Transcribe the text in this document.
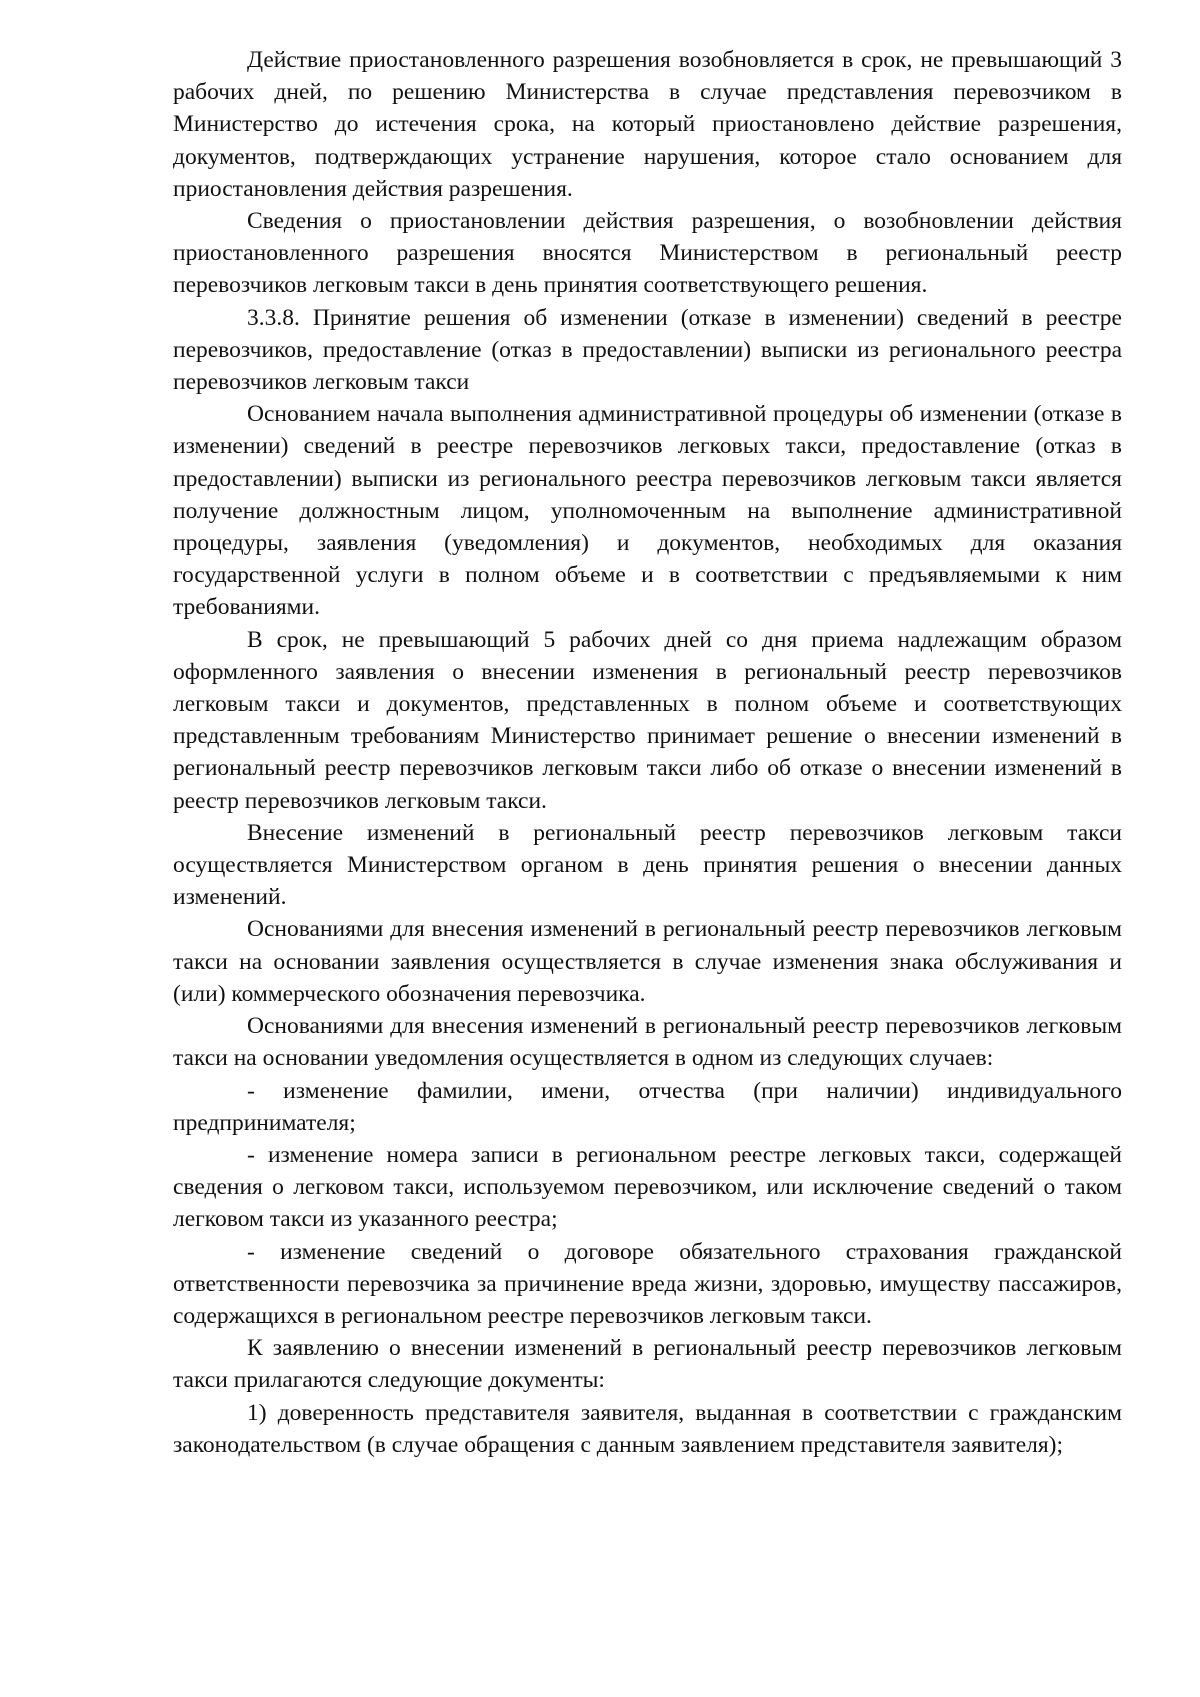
Действие приостановленного разрешения возобновляется в срок, не превышающий 3 рабочих дней, по решению Министерства в случае представления перевозчиком в Министерство до истечения срока, на который приостановлено действие разрешения, документов, подтверждающих устранение нарушения, которое стало основанием для приостановления действия разрешения.

Сведения о приостановлении действия разрешения, о возобновлении действия приостановленного разрешения вносятся Министерством в региональный реестр перевозчиков легковым такси в день принятия соответствующего решения.

3.3.8. Принятие решения об изменении (отказе в изменении) сведений в реестре перевозчиков, предоставление (отказ в предоставлении) выписки из регионального реестра перевозчиков легковым такси

Основанием начала выполнения административной процедуры об изменении (отказе в изменении) сведений в реестре перевозчиков легковых такси, предоставление (отказ в предоставлении) выписки из регионального реестра перевозчиков легковым такси является получение должностным лицом, уполномоченным на выполнение административной процедуры, заявления (уведомления) и документов, необходимых для оказания государственной услуги в полном объеме и в соответствии с предъявляемыми к ним требованиями.

В срок, не превышающий 5 рабочих дней со дня приема надлежащим образом оформленного заявления о внесении изменения в региональный реестр перевозчиков легковым такси и документов, представленных в полном объеме и соответствующих представленным требованиям Министерство принимает решение о внесении изменений в региональный реестр перевозчиков легковым такси либо об отказе о внесении изменений в реестр перевозчиков легковым такси.

Внесение изменений в региональный реестр перевозчиков легковым такси осуществляется Министерством органом в день принятия решения о внесении данных изменений.

Основаниями для внесения изменений в региональный реестр перевозчиков легковым такси на основании заявления осуществляется в случае изменения знака обслуживания и (или) коммерческого обозначения перевозчика.

Основаниями для внесения изменений в региональный реестр перевозчиков легковым такси на основании уведомления осуществляется в одном из следующих случаев:

- изменение фамилии, имени, отчества (при наличии) индивидуального предпринимателя;

- изменение номера записи в региональном реестре легковых такси, содержащей сведения о легковом такси, используемом перевозчиком, или исключение сведений о таком легковом такси из указанного реестра;

- изменение сведений о договоре обязательного страхования гражданской ответственности перевозчика за причинение вреда жизни, здоровью, имуществу пассажиров, содержащихся в региональном реестре перевозчиков легковым такси.

К заявлению о внесении изменений в региональный реестр перевозчиков легковым такси прилагаются следующие документы:

1) доверенность представителя заявителя, выданная в соответствии с гражданским законодательством (в случае обращения с данным заявлением представителя заявителя);
